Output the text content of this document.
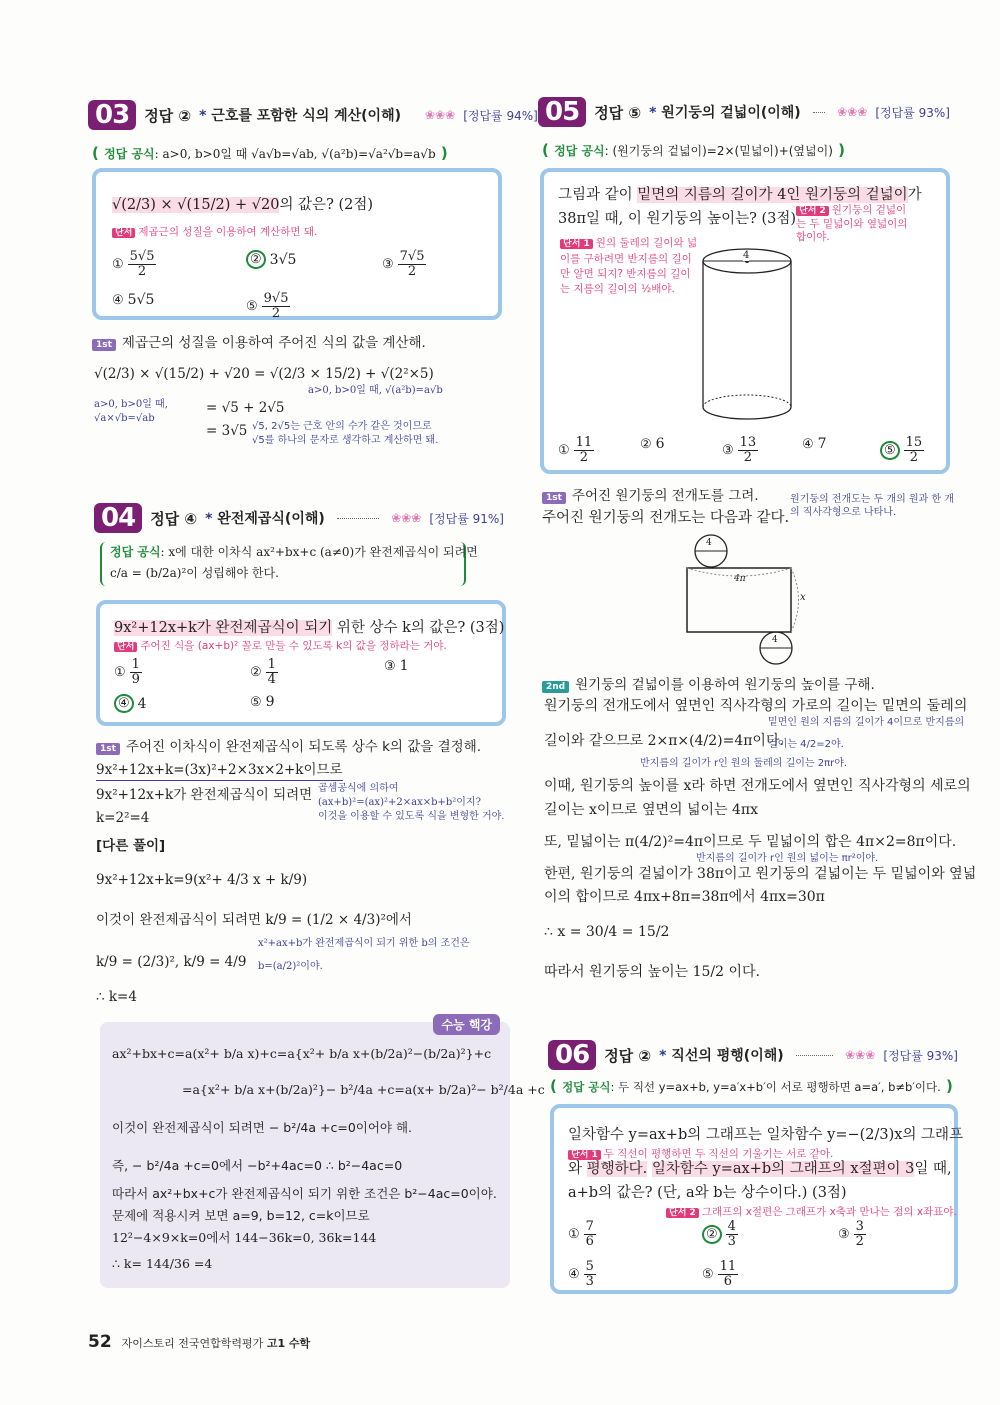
03	정답 ②	* 근호를 포함한 식의 계산(이해) ❀❀❀ [정답률 94%]
( 정답 공식: a>0, b>0일 때 √a√b=√ab, √(a²b)=√a²√b=a√b )
√(2/3) × √(15/2) + √20의 값은? (2점)
단서 제곱근의 성질을 이용하여 계산하면 돼.
① $\frac{5√5}{2}$	② 3√5	③ $\frac{7√5}{2}$
④ 5√5	⑤ $\frac{9√5}{2}$
1st 제곱근의 성질을 이용하여 주어진 식의 값을 계산해.
√(2/3) × √(15/2) + √20 = √(2/3 × 15/2) + √(2²×5)
= √5 + 2√5
= 3√5
a>0, b>0일 때,
√a×√b=√ab
a>0, b>0일 때, √(a²b)=a√b
√5, 2√5는 근호 안의 수가 같은 것이므로
√5를 하나의 문자로 생각하고 계산하면 돼.
04	정답 ④	* 완전제곱식(이해)	❀❀❀ [정답률 91%]
정답 공식: x에 대한 이차식 ax²+bx+c (a≠0)가 완전제곱식이 되려면
c/a = (b/2a)²이 성립해야 한다.
9x²+12x+k가 완전제곱식이 되기 위한 상수 k의 값은? (3점)
단서 주어진 식을 (ax+b)² 꼴로 만들 수 있도록 k의 값을 정하라는 거야.
① $\frac{1}{9}$	② $\frac{1}{4}$	③ 1
④ 4	⑤ 9
1st 주어진 이차식이 완전제곱식이 되도록 상수 k의 값을 결정해.
9x²+12x+k=(3x)²+2×3x×2+k이므로
9x²+12x+k가 완전제곱식이 되려면
k=2²=4
[다른 풀이]
9x²+12x+k=9(x²+ 4/3 x + k/9)
이것이 완전제곱식이 되려면 k/9 = (1/2 × 4/3)²에서
k/9 = (2/3)², k/9 = 4/9
∴ k=4
곱셈공식에 의하여
(ax+b)²=(ax)²+2×ax×b+b²이지?
이것을 이용할 수 있도록 식을 변형한 거야.
x²+ax+b가 완전제곱식이 되기 위한 b의 조건은
b=(a/2)²이야.
수능 핵강
ax²+bx+c=a(x²+ b/a x)+c=a{x²+ b/a x+(b/2a)²−(b/2a)²}+c
=a{x²+ b/a x+(b/2a)²}− b²/4a +c=a(x+ b/2a)²− b²/4a +c
이것이 완전제곱식이 되려면 − b²/4a +c=0이어야 해.
즉, − b²/4a +c=0에서 −b²+4ac=0 ∴ b²−4ac=0
따라서 ax²+bx+c가 완전제곱식이 되기 위한 조건은 b²−4ac=0이야.
문제에 적용시켜 보면 a=9, b=12, c=k이므로
12²−4×9×k=0에서 144−36k=0, 36k=144
∴ k= 144/36 =4
05	정답 ⑤	* 원기둥의 겉넓이(이해)	❀❀❀ [정답률 93%]
( 정답 공식: (원기둥의 겉넓이)=2×(밑넓이)+(옆넓이) )
그림과 같이 밑면의 지름의 길이가 4인 원기둥의 겉넓이가
38π일 때, 이 원기둥의 높이는? (3점) 단서 2 원기둥의 겉넓이는 두 밑넓이와 옆넓이의 합이야.
단서 1 원의 둘레의 길이와 넓이를 구하려면 반지름의 길이만 알면 되지? 반지름의 길이는 지름의 길이의 ½배야.
4
① $\frac{11}{2}$	② 6	③ $\frac{13}{2}$	④ 7	⑤ $\frac{15}{2}$
1st 주어진 원기둥의 전개도를 그려.
주어진 원기둥의 전개도는 다음과 같다.
원기둥의 전개도는 두 개의 원과 한 개의 직사각형으로 나타나.
4
4π
x
4
2nd 원기둥의 겉넓이를 이용하여 원기둥의 높이를 구해.
원기둥의 전개도에서 옆면인 직사각형의 가로의 길이는 밑면의 둘레의
길이와 같으므로 2×π×(4/2)=4π이다.
이때, 원기둥의 높이를 x라 하면 전개도에서 옆면인 직사각형의 세로의
길이는 x이므로 옆면의 넓이는 4πx
또, 밑넓이는 π(4/2)²=4π이므로 두 밑넓이의 합은 4π×2=8π이다.
한편, 원기둥의 겉넓이가 38π이고 원기둥의 겉넓이는 두 밑넓이와 옆넓
이의 합이므로 4πx+8π=38π에서 4πx=30π
∴ x = 30/4 = 15/2
따라서 원기둥의 높이는 15/2 이다.
밑면인 원의 지름의 길이가 4이므로 반지름의
길이는 4/2=2야.
반지름의 길이가 r인 원의 둘레의 길이는 2πr야.
반지름의 길이가 r인 원의 넓이는 πr²이야.
06	정답 ②	* 직선의 평행(이해)	❀❀❀ [정답률 93%]
( 정답 공식: 두 직선 y=ax+b, y=a′x+b′이 서로 평행하면 a=a′, b≠b′이다. )
일차함수 y=ax+b의 그래프는 일차함수 y=−(2/3)x의 그래프
단서 1 두 직선이 평행하면 두 직선의 기울기는 서로 같아.
와 평행하다. 일차함수 y=ax+b의 그래프의 x절편이 3일 때,
a+b의 값은? (단, a와 b는 상수이다.) (3점)
단서 2 그래프의 x절편은 그래프가 x축과 만나는 점의 x좌표야.
① $\frac{7}{6}$	② $\frac{4}{3}$	③ $\frac{3}{2}$
④ $\frac{5}{3}$	⑤ $\frac{11}{6}$
52 자이스토리 전국연합학력평가 고1 수학
